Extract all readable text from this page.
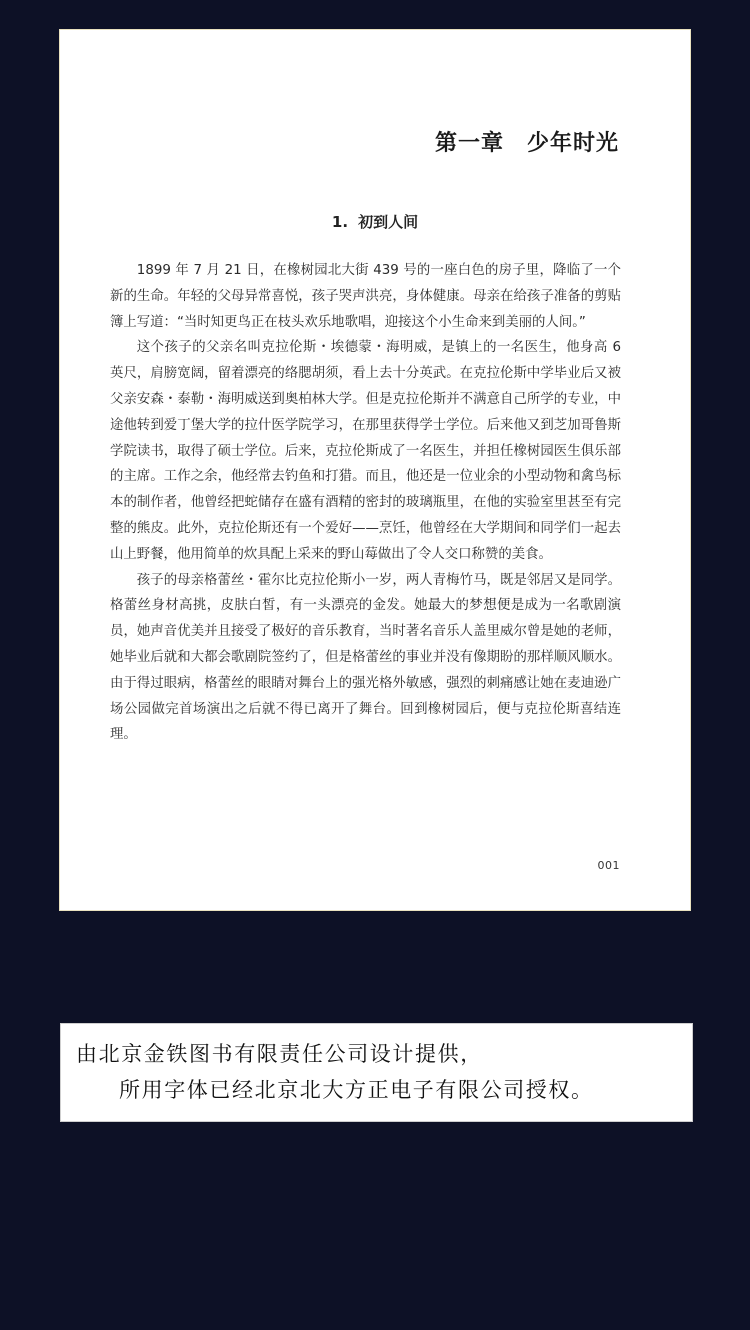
第一章　少年时光
1. 初到人间

1899 年 7 月 21 日，在橡树园北大街 439 号的一座白色的房子里，降临了一个新的生命。年轻的父母异常喜悦，孩子哭声洪亮，身体健康。母亲在给孩子准备的剪贴簿上写道：“当时知更鸟正在枝头欢乐地歌唱，迎接这个小生命来到美丽的人间。”

这个孩子的父亲名叫克拉伦斯・埃德蒙・海明威，是镇上的一名医生，他身高 6 英尺，肩膀宽阔，留着漂亮的络腮胡须，看上去十分英武。在克拉伦斯中学毕业后又被父亲安森・泰勒・海明威送到奥柏林大学。但是克拉伦斯并不满意自己所学的专业，中途他转到爱丁堡大学的拉什医学院学习，在那里获得学士学位。后来他又到芝加哥鲁斯学院读书，取得了硕士学位。后来，克拉伦斯成了一名医生，并担任橡树园医生俱乐部的主席。工作之余，他经常去钓鱼和打猎。而且，他还是一位业余的小型动物和禽鸟标本的制作者，他曾经把蛇储存在盛有酒精的密封的玻璃瓶里，在他的实验室里甚至有完整的熊皮。此外，克拉伦斯还有一个爱好——烹饪，他曾经在大学期间和同学们一起去山上野餐，他用简单的炊具配上采来的野山莓做出了令人交口称赞的美食。

孩子的母亲格蕾丝・霍尔比克拉伦斯小一岁，两人青梅竹马，既是邻居又是同学。格蕾丝身材高挑，皮肤白皙，有一头漂亮的金发。她最大的梦想便是成为一名歌剧演员，她声音优美并且接受了极好的音乐教育，当时著名音乐人盖里威尔曾是她的老师，她毕业后就和大都会歌剧院签约了，但是格蕾丝的事业并没有像期盼的那样顺风顺水。由于得过眼病，格蕾丝的眼睛对舞台上的强光格外敏感，强烈的刺痛感让她在麦迪逊广场公园做完首场演出之后就不得已离开了舞台。回到橡树园后，便与克拉伦斯喜结连理。

001
由北京金铁图书有限责任公司设计提供，
所用字体已经北京北大方正电子有限公司授权。
